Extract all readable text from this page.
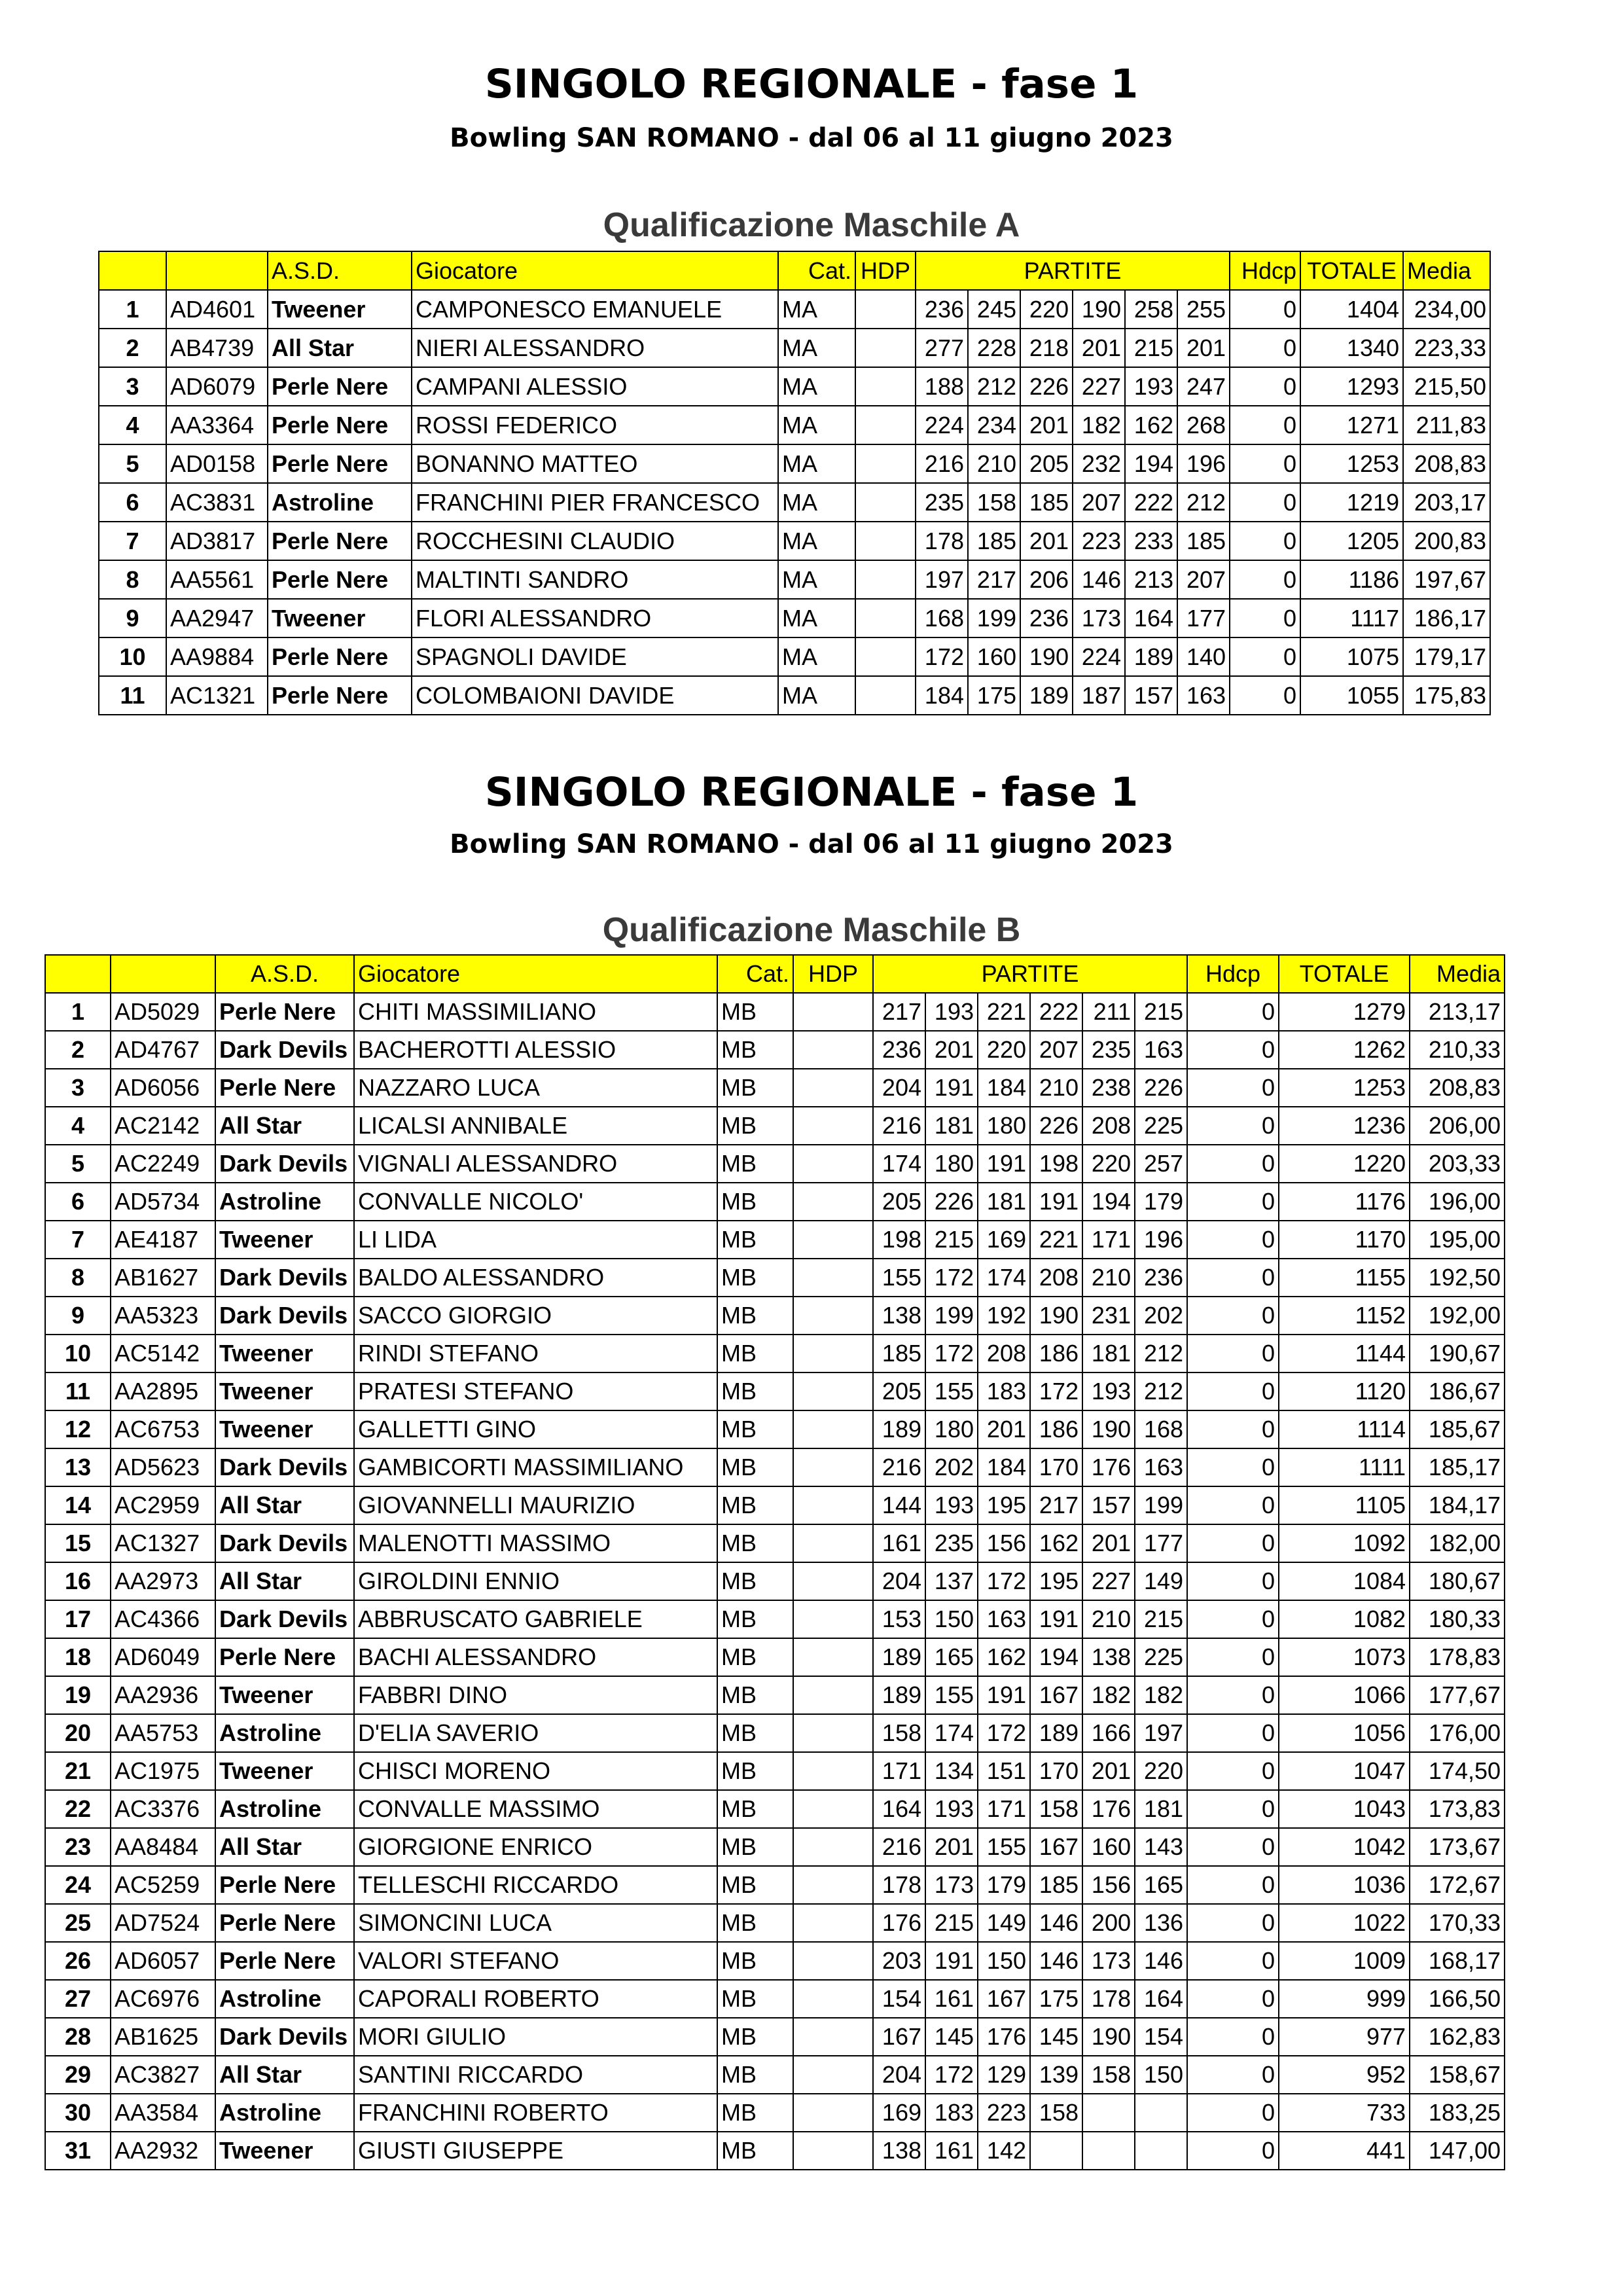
SINGOLO REGIONALE - fase 1
Bowling SAN ROMANO - dal 06 al 11 giugno 2023
Qualificazione Maschile A
		A.S.D.	Giocatore	Cat.	HDP	PARTITE						Hdcp	TOTALE	Media
1	AD4601	Tweener	CAMPONESCO EMANUELE	MA		236	245	220	190	258	255	0	1404	234,00
2	AB4739	All Star	NIERI ALESSANDRO	MA		277	228	218	201	215	201	0	1340	223,33
3	AD6079	Perle Nere	CAMPANI ALESSIO	MA		188	212	226	227	193	247	0	1293	215,50
4	AA3364	Perle Nere	ROSSI FEDERICO	MA		224	234	201	182	162	268	0	1271	211,83
5	AD0158	Perle Nere	BONANNO MATTEO	MA		216	210	205	232	194	196	0	1253	208,83
6	AC3831	Astroline	FRANCHINI PIER FRANCESCO	MA		235	158	185	207	222	212	0	1219	203,17
7	AD3817	Perle Nere	ROCCHESINI CLAUDIO	MA		178	185	201	223	233	185	0	1205	200,83
8	AA5561	Perle Nere	MALTINTI SANDRO	MA		197	217	206	146	213	207	0	1186	197,67
9	AA2947	Tweener	FLORI ALESSANDRO	MA		168	199	236	173	164	177	0	1117	186,17
10	AA9884	Perle Nere	SPAGNOLI DAVIDE	MA		172	160	190	224	189	140	0	1075	179,17
11	AC1321	Perle Nere	COLOMBAIONI DAVIDE	MA		184	175	189	187	157	163	0	1055	175,83
SINGOLO REGIONALE - fase 1
Bowling SAN ROMANO - dal 06 al 11 giugno 2023
Qualificazione Maschile B
		A.S.D.	Giocatore	Cat.	HDP	PARTITE						Hdcp	TOTALE	Media
1	AD5029	Perle Nere	CHITI MASSIMILIANO	MB		217	193	221	222	211	215	0	1279	213,17
2	AD4767	Dark Devils	BACHEROTTI ALESSIO	MB		236	201	220	207	235	163	0	1262	210,33
3	AD6056	Perle Nere	NAZZARO LUCA	MB		204	191	184	210	238	226	0	1253	208,83
4	AC2142	All Star	LICALSI ANNIBALE	MB		216	181	180	226	208	225	0	1236	206,00
5	AC2249	Dark Devils	VIGNALI ALESSANDRO	MB		174	180	191	198	220	257	0	1220	203,33
6	AD5734	Astroline	CONVALLE NICOLO'	MB		205	226	181	191	194	179	0	1176	196,00
7	AE4187	Tweener	LI LIDA	MB		198	215	169	221	171	196	0	1170	195,00
8	AB1627	Dark Devils	BALDO ALESSANDRO	MB		155	172	174	208	210	236	0	1155	192,50
9	AA5323	Dark Devils	SACCO GIORGIO	MB		138	199	192	190	231	202	0	1152	192,00
10	AC5142	Tweener	RINDI STEFANO	MB		185	172	208	186	181	212	0	1144	190,67
11	AA2895	Tweener	PRATESI STEFANO	MB		205	155	183	172	193	212	0	1120	186,67
12	AC6753	Tweener	GALLETTI GINO	MB		189	180	201	186	190	168	0	1114	185,67
13	AD5623	Dark Devils	GAMBICORTI MASSIMILIANO	MB		216	202	184	170	176	163	0	1111	185,17
14	AC2959	All Star	GIOVANNELLI MAURIZIO	MB		144	193	195	217	157	199	0	1105	184,17
15	AC1327	Dark Devils	MALENOTTI MASSIMO	MB		161	235	156	162	201	177	0	1092	182,00
16	AA2973	All Star	GIROLDINI ENNIO	MB		204	137	172	195	227	149	0	1084	180,67
17	AC4366	Dark Devils	ABBRUSCATO GABRIELE	MB		153	150	163	191	210	215	0	1082	180,33
18	AD6049	Perle Nere	BACHI ALESSANDRO	MB		189	165	162	194	138	225	0	1073	178,83
19	AA2936	Tweener	FABBRI DINO	MB		189	155	191	167	182	182	0	1066	177,67
20	AA5753	Astroline	D'ELIA SAVERIO	MB		158	174	172	189	166	197	0	1056	176,00
21	AC1975	Tweener	CHISCI MORENO	MB		171	134	151	170	201	220	0	1047	174,50
22	AC3376	Astroline	CONVALLE MASSIMO	MB		164	193	171	158	176	181	0	1043	173,83
23	AA8484	All Star	GIORGIONE ENRICO	MB		216	201	155	167	160	143	0	1042	173,67
24	AC5259	Perle Nere	TELLESCHI RICCARDO	MB		178	173	179	185	156	165	0	1036	172,67
25	AD7524	Perle Nere	SIMONCINI LUCA	MB		176	215	149	146	200	136	0	1022	170,33
26	AD6057	Perle Nere	VALORI STEFANO	MB		203	191	150	146	173	146	0	1009	168,17
27	AC6976	Astroline	CAPORALI ROBERTO	MB		154	161	167	175	178	164	0	999	166,50
28	AB1625	Dark Devils	MORI GIULIO	MB		167	145	176	145	190	154	0	977	162,83
29	AC3827	All Star	SANTINI RICCARDO	MB		204	172	129	139	158	150	0	952	158,67
30	AA3584	Astroline	FRANCHINI ROBERTO	MB		169	183	223	158			0	733	183,25
31	AA2932	Tweener	GIUSTI GIUSEPPE	MB		138	161	142				0	441	147,00
